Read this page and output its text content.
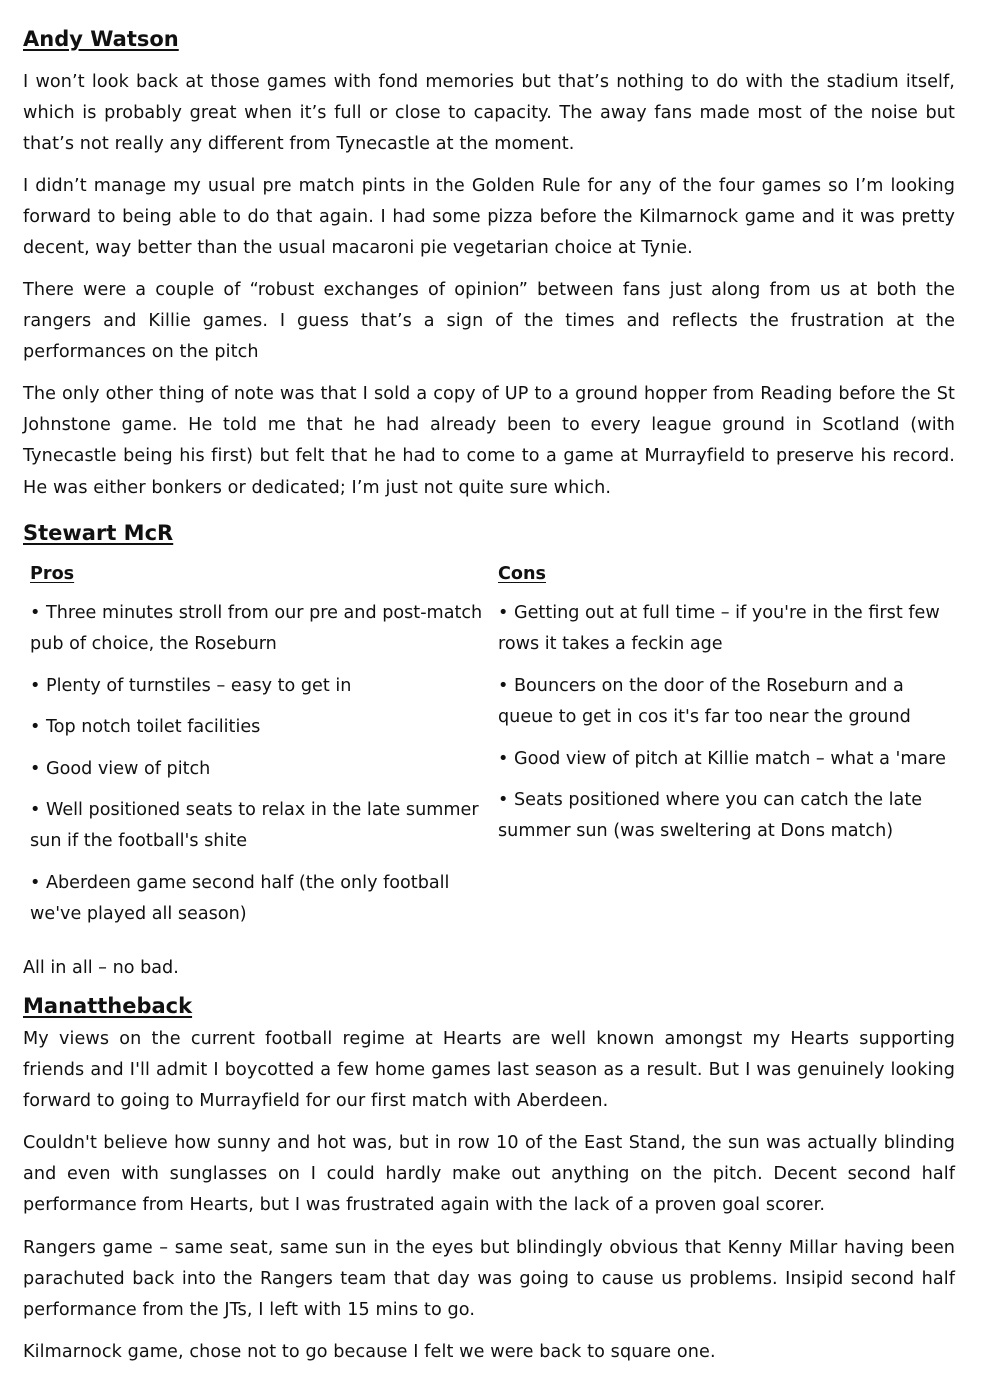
Andy Watson

I won’t look back at those games with fond memories but that’s nothing to do with the stadium itself, which is probably great when it’s full or close to capacity. The away fans made most of the noise but that’s not really any different from Tynecastle at the moment.

I didn’t manage my usual pre match pints in the Golden Rule for any of the four games so I’m looking forward to being able to do that again. I had some pizza before the Kilmarnock game and it was pretty decent, way better than the usual macaroni pie vegetarian choice at Tynie.

There were a couple of “robust exchanges of opinion” between fans just along from us at both the rangers and Killie games. I guess that’s a sign of the times and reflects the frustration at the performances on the pitch

The only other thing of note was that I sold a copy of UP to a ground hopper from Reading before the St Johnstone game. He told me that he had already been to every league ground in Scotland (with Tynecastle being his first) but felt that he had to come to a game at Murrayfield to preserve his record. He was either bonkers or dedicated; I’m just not quite sure which.

Stewart McR
Pros

• Three minutes stroll from our pre and post-match pub of choice, the Roseburn

• Plenty of turnstiles – easy to get in

• Top notch toilet facilities

• Good view of pitch

• Well positioned seats to relax in the late summer sun if the football's shite

• Aberdeen game second half (the only football we've played all season)

Cons

• Getting out at full time – if you're in the first few rows it takes a feckin age

• Bouncers on the door of the Roseburn and a queue to get in cos it's far too near the ground

• Good view of pitch at Killie match – what a 'mare

• Seats positioned where you can catch the late summer sun (was sweltering at Dons match)

All in all – no bad.
Manattheback

My views on the current football regime at Hearts are well known amongst my Hearts supporting friends and I'll admit I boycotted a few home games last season as a result. But I was genuinely looking forward to going to Murrayfield for our first match with Aberdeen.

Couldn't believe how sunny and hot was, but in row 10 of the East Stand, the sun was actually blinding and even with sunglasses on I could hardly make out anything on the pitch. Decent second half performance from Hearts, but I was frustrated again with the lack of a proven goal scorer.

Rangers game – same seat, same sun in the eyes but blindingly obvious that Kenny Millar having been parachuted back into the Rangers team that day was going to cause us problems. Insipid second half performance from the JTs, I left with 15 mins to go.

Kilmarnock game, chose not to go because I felt we were back to square one.
